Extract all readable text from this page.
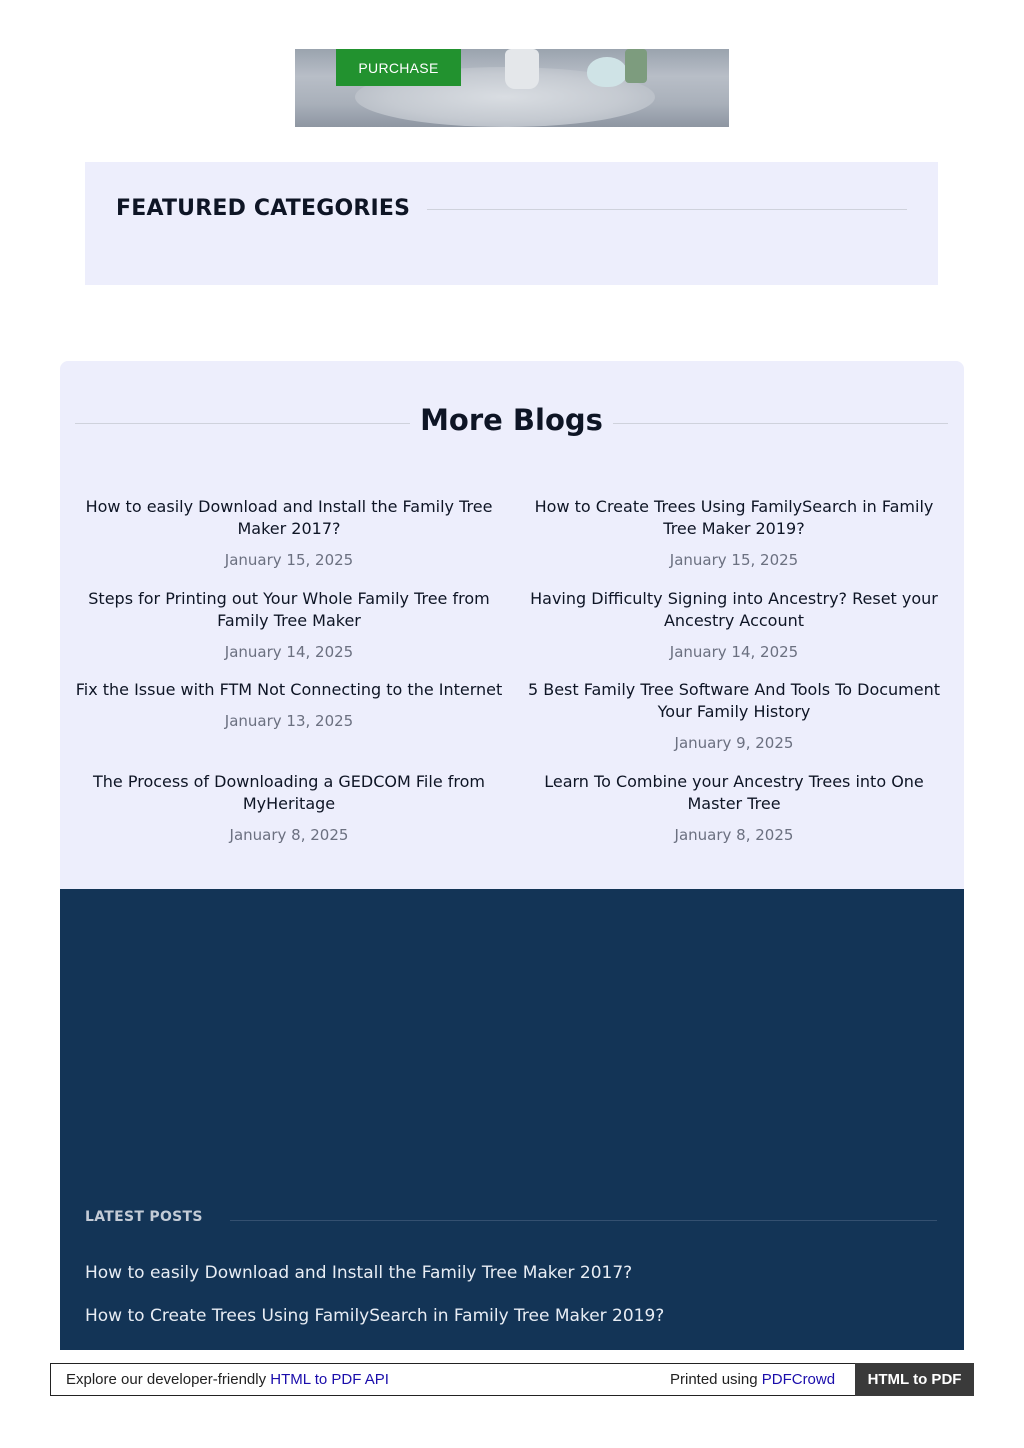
PURCHASE
FEATURED CATEGORIES
More Blogs
How to easily Download and Install the Family Tree Maker 2017?
January 15, 2025
How to Create Trees Using FamilySearch in Family Tree Maker 2019?
January 15, 2025
Steps for Printing out Your Whole Family Tree from Family Tree Maker
January 14, 2025
Having Difficulty Signing into Ancestry? Reset your Ancestry Account
January 14, 2025
Fix the Issue with FTM Not Connecting to the Internet
January 13, 2025
5 Best Family Tree Software And Tools To Document Your Family History
January 9, 2025
The Process of Downloading a GEDCOM File from MyHeritage
January 8, 2025
Learn To Combine your Ancestry Trees into One Master Tree
January 8, 2025
LATEST POSTS
How to easily Download and Install the Family Tree Maker 2017?
How to Create Trees Using FamilySearch in Family Tree Maker 2019?
Explore our developer-friendly HTML to PDF API	Printed using PDFCrowd	HTML to PDF
